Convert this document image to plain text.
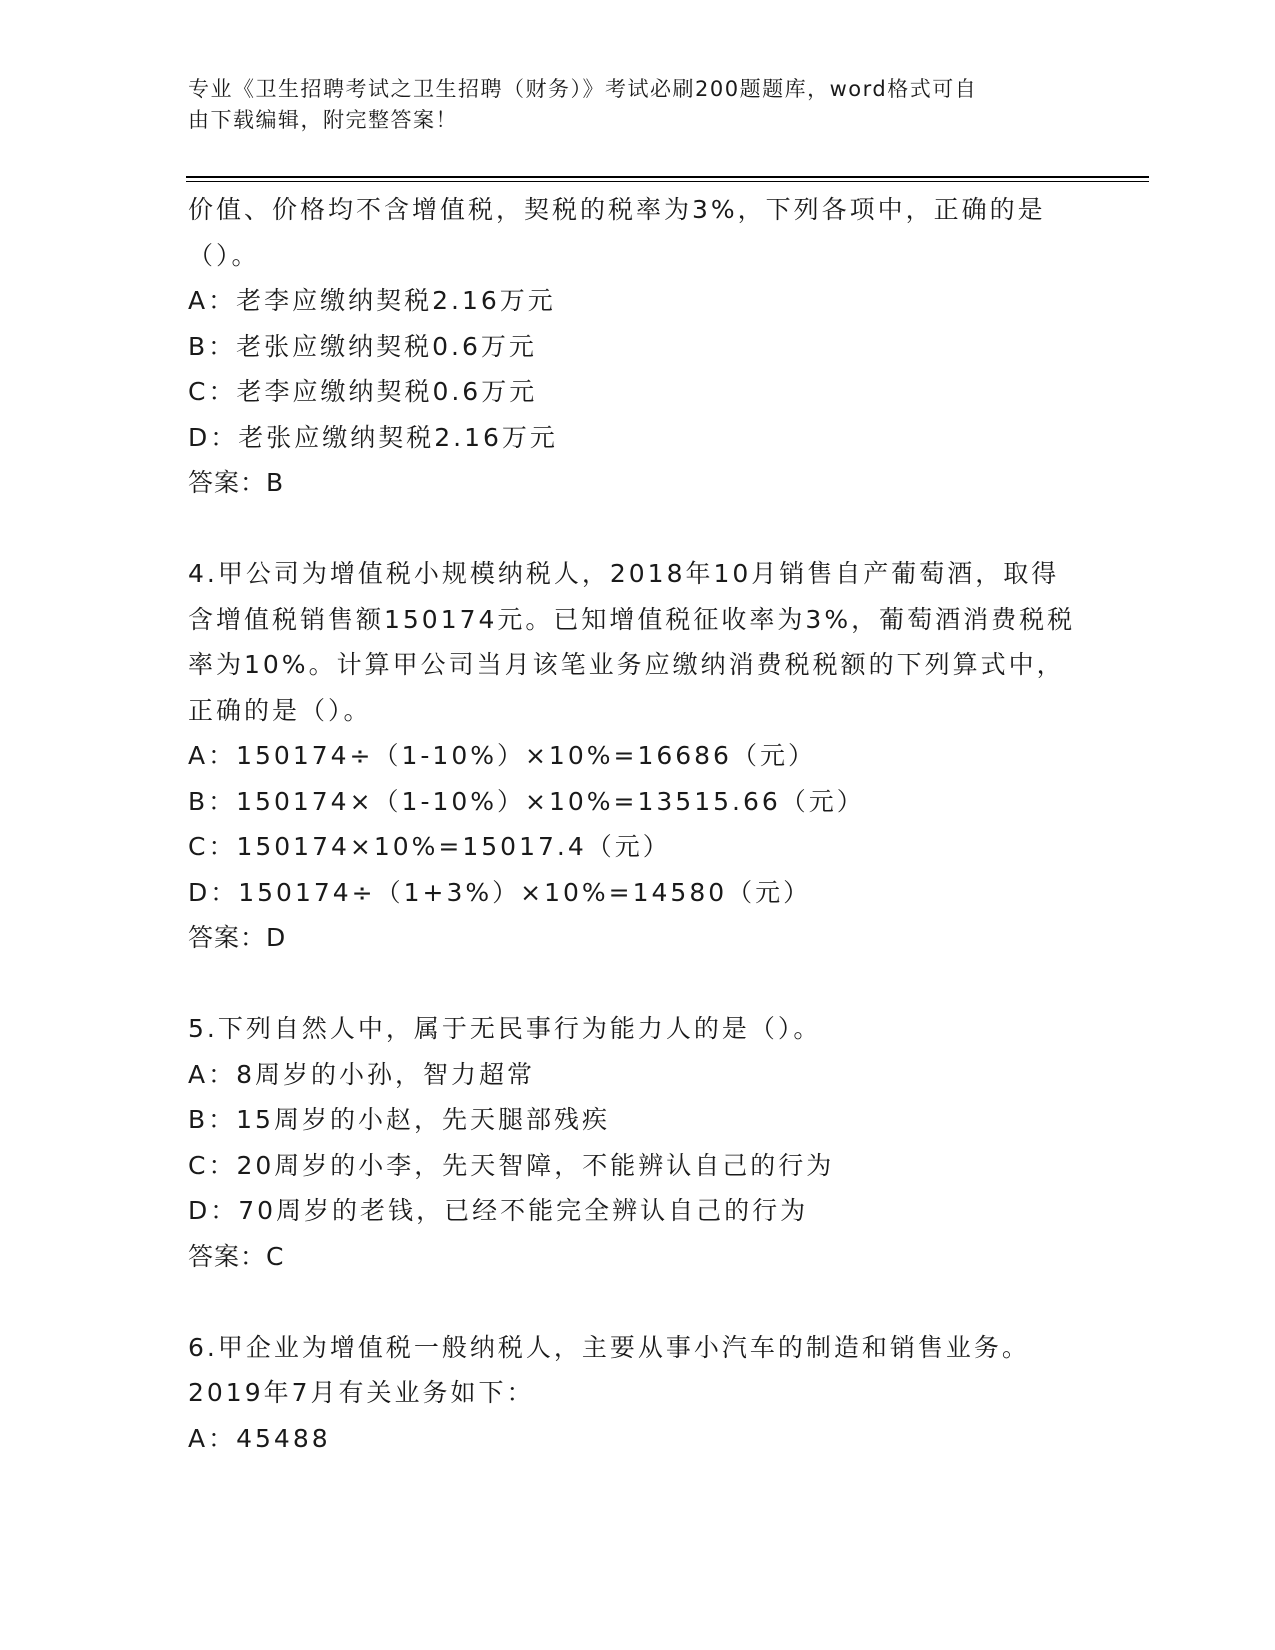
专业《卫生招聘考试之卫生招聘（财务）》考试必刷200题题库，word格式可自
由下载编辑，附完整答案！
价值、价格均不含增值税，契税的税率为3%，下列各项中，正确的是
（）。
A：老李应缴纳契税2.16万元
B：老张应缴纳契税0.6万元
C：老李应缴纳契税0.6万元
D：老张应缴纳契税2.16万元
答案：B
4.甲公司为增值税小规模纳税人，2018年10月销售自产葡萄酒，取得
含增值税销售额150174元。已知增值税征收率为3%，葡萄酒消费税税
率为10%。计算甲公司当月该笔业务应缴纳消费税税额的下列算式中，
正确的是（）。
A：150174÷（1-10%）×10%=16686（元）
B：150174×（1-10%）×10%=13515.66（元）
C：150174×10%=15017.4（元）
D：150174÷（1+3%）×10%=14580（元）
答案：D
5.下列自然人中，属于无民事行为能力人的是（）。
A：8周岁的小孙，智力超常
B：15周岁的小赵，先天腿部残疾
C：20周岁的小李，先天智障，不能辨认自己的行为
D：70周岁的老钱，已经不能完全辨认自己的行为
答案：C
6.甲企业为增值税一般纳税人，主要从事小汽车的制造和销售业务。
2019年7月有关业务如下：
A：45488
